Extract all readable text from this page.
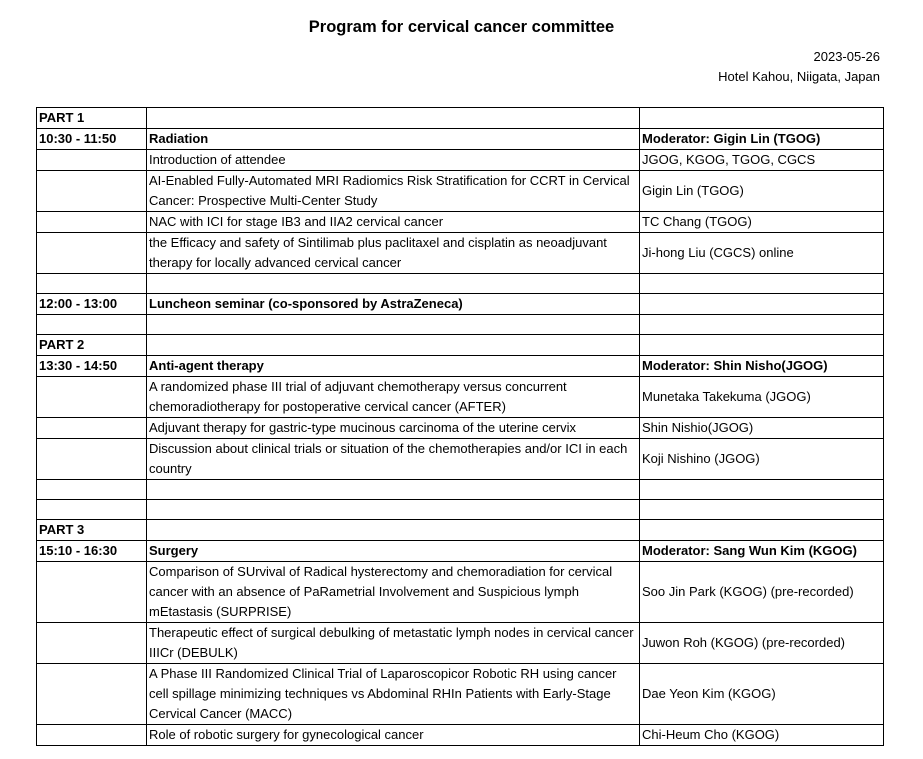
Program for cervical cancer committee
2023-05-26
Hotel Kahou, Niigata, Japan
PART 1		
10:30 - 11:50	Radiation	Moderator: Gigin Lin (TGOG)
	Introduction of attendee	JGOG, KGOG, TGOG, CGCS
	AI-Enabled Fully-Automated MRI Radiomics Risk Stratification for CCRT in Cervical Cancer: Prospective Multi-Center Study	Gigin Lin (TGOG)
	NAC with ICI for stage IB3 and IIA2 cervical cancer	TC Chang (TGOG)
	the Efficacy and safety of Sintilimab plus paclitaxel and cisplatin as neoadjuvant therapy for locally advanced cervical cancer	Ji-hong Liu (CGCS) online

12:00 - 13:00	Luncheon seminar (co-sponsored by AstraZeneca)	

PART 2		
13:30 - 14:50	Anti-agent therapy	Moderator: Shin Nisho(JGOG)
	A randomized phase III trial of adjuvant chemotherapy versus concurrent chemoradiotherapy for postoperative cervical cancer (AFTER)	Munetaka Takekuma (JGOG)
	Adjuvant therapy for gastric-type mucinous carcinoma of the uterine cervix	Shin Nishio(JGOG)
	Discussion about clinical trials or situation of the chemotherapies and/or ICI in each country	Koji Nishino (JGOG)

PART 3		
15:10 - 16:30	Surgery	Moderator: Sang Wun Kim (KGOG)
	Comparison of SUrvival of Radical hysterectomy and chemoradiation for cervical cancer with an absence of PaRametrial Involvement and Suspicious lymph mEtastasis (SURPRISE)	Soo Jin Park (KGOG) (pre-recorded)
	Therapeutic effect of surgical debulking of metastatic lymph nodes in cervical cancer IIICr (DEBULK)	Juwon Roh (KGOG) (pre-recorded)
	A Phase III Randomized Clinical Trial of Laparoscopicor Robotic RH using cancer cell spillage minimizing techniques vs Abdominal RHIn Patients with Early-Stage Cervical Cancer (MACC)	Dae Yeon Kim (KGOG)
	Role of robotic surgery for gynecological cancer	Chi-Heum Cho (KGOG)
